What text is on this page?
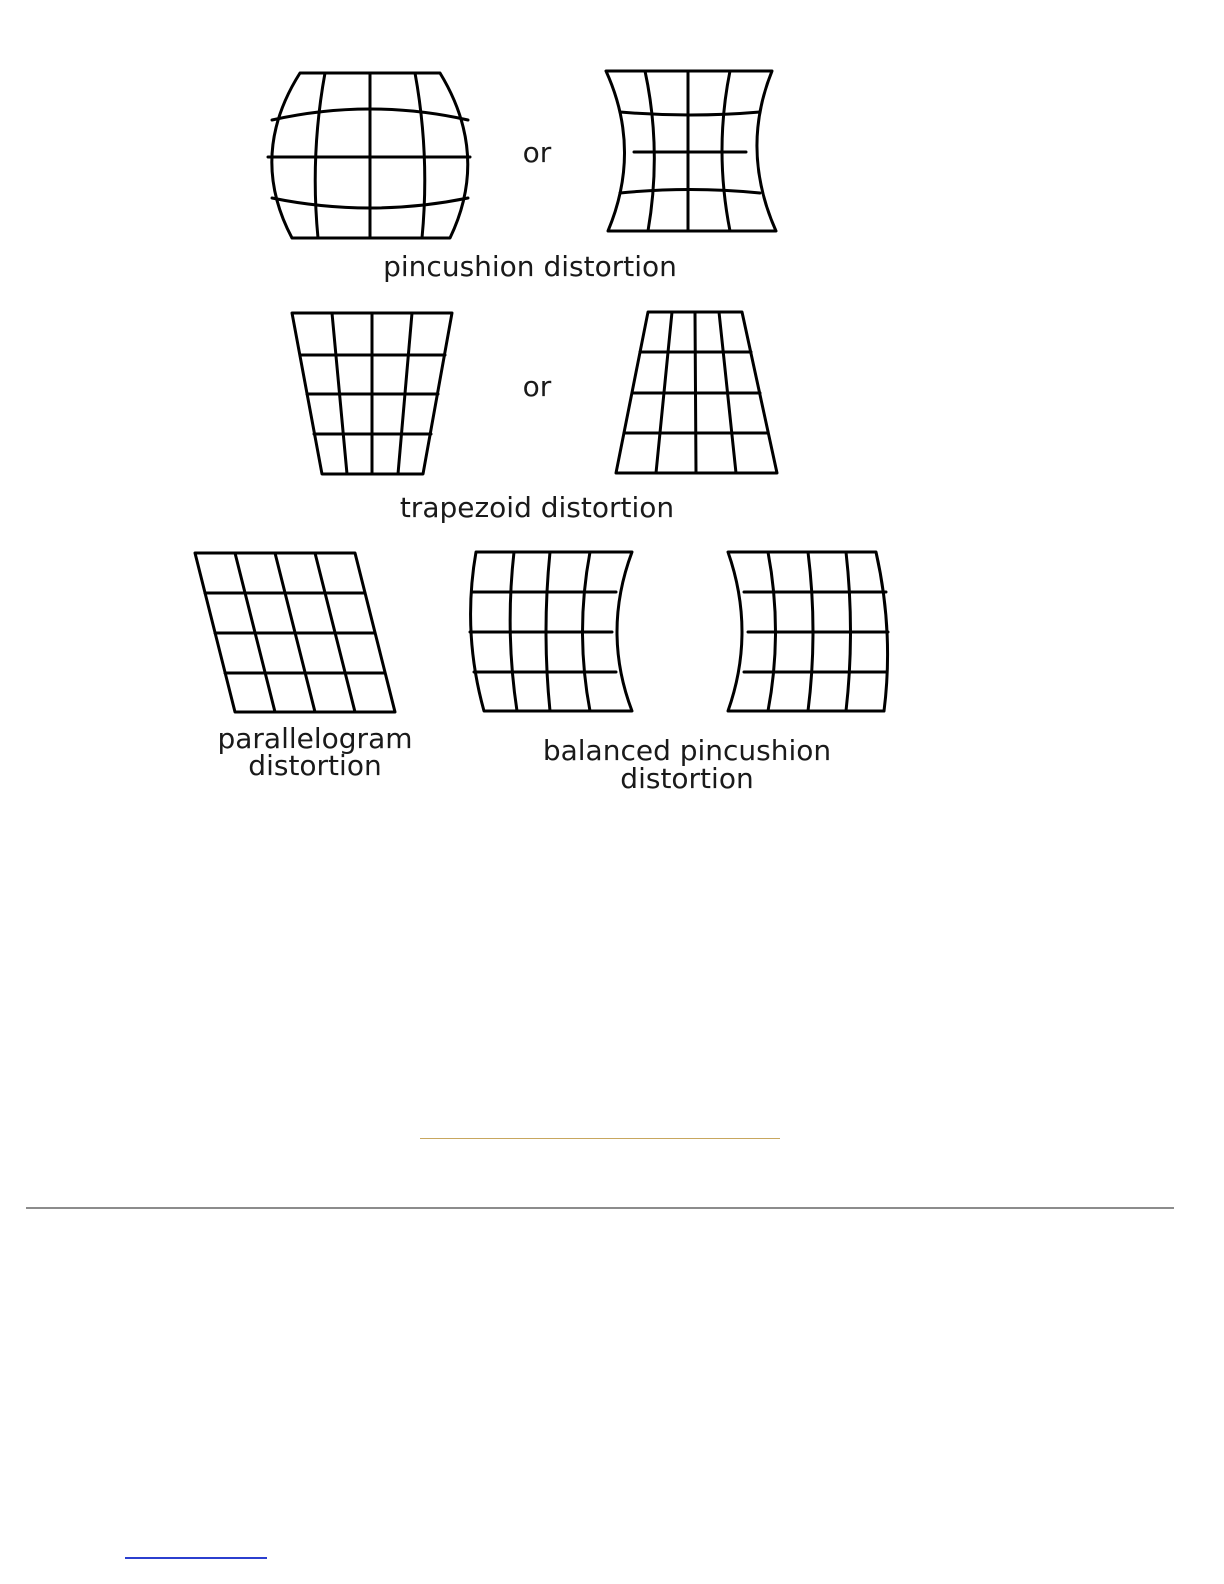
or
pincushion distortion
or
trapezoid distortion
parallelogram
distortion	balanced pincushion
distortion
